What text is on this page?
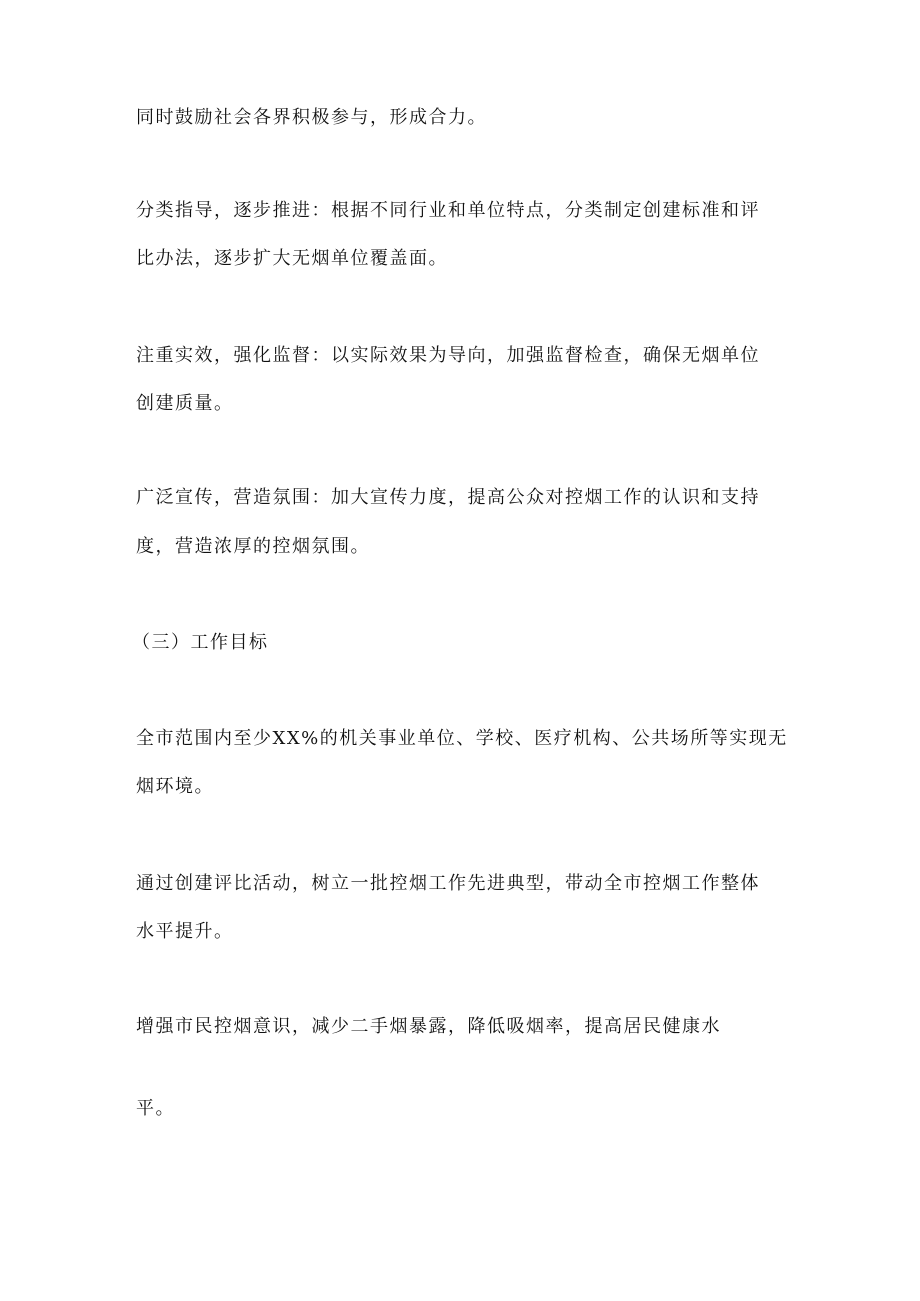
同时鼓励社会各界积极参与，形成合力。
分类指导，逐步推进：根据不同行业和单位特点，分类制定创建标准和评
比办法，逐步扩大无烟单位覆盖面。
注重实效，强化监督：以实际效果为导向，加强监督检查，确保无烟单位
创建质量。
广泛宣传，营造氛围：加大宣传力度，提高公众对控烟工作的认识和支持
度，营造浓厚的控烟氛围。
（三）工作目标
全市范围内至少XX%的机关事业单位、学校、医疗机构、公共场所等实现无
烟环境。
通过创建评比活动，树立一批控烟工作先进典型，带动全市控烟工作整体
水平提升。
增强市民控烟意识，减少二手烟暴露，降低吸烟率，提高居民健康水
平。
